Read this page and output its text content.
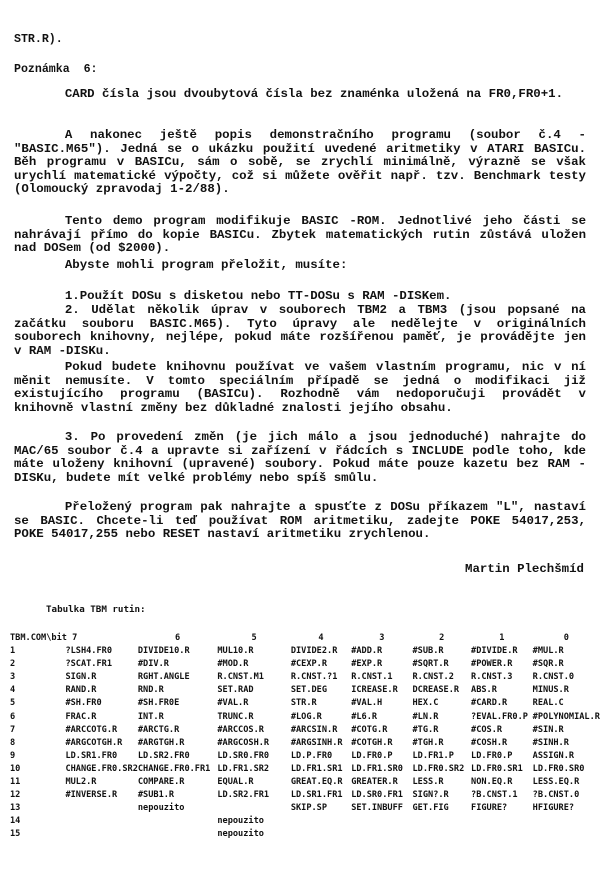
STR.R).
Poznámka  6:

CARD čísla jsou dvoubytová čísla bez znaménka uložená na FR0,FR0+1.

A nakonec ještě popis demonstračního programu (soubor č.4 -"BASIC.M65"). Jedná se o ukázku použití uvedené aritmetiky v ATARI BASICu. Běh programu v BASICu, sám o sobě, se zrychlí minimálně, výrazně se však urychlí matematické výpočty, což si můžete ověřit např. tzv. Benchmark testy (Olomoucký zpravodaj 1-2/88).

Tento demo program modifikuje BASIC -ROM. Jednotlivé jeho části se nahrávají přímo do kopie BASICu. Zbytek matematických rutin zůstává uložen nad DOSem (od $2000).

Abyste mohli program přeložit, musíte:

1.Použít DOSu s disketou nebo TT-DOSu s RAM -DISKem.

2. Udělat několik úprav v souborech TBM2 a TBM3 (jsou popsané na začátku souboru BASIC.M65). Tyto úpravy ale nedělejte v originálních souborech knihovny, nejlépe, pokud máte rozšířenou paměť, je provádějte jen v RAM -DISKu.

Pokud budete knihovnu používat ve vašem vlastním programu, nic v ní měnit nemusíte. V tomto speciálním případě se jedná o modifikaci již existujícího programu (BASICu). Rozhodně vám nedoporučuji provádět v knihovně vlastní změny bez důkladné znalosti jejího obsahu.

3. Po provedení změn (je jich málo a jsou jednoduché) nahrajte do MAC/65 soubor č.4 a upravte si zařízení v řádcích s INCLUDE podle toho, kde máte uloženy knihovní (upravené) soubory. Pokud máte pouze kazetu bez RAM -DISKu, budete mít velké problémy nebo spíš smůlu.

Přeložený program pak nahrajte a spusťte z DOSu příkazem "L", nastaví se BASIC. Chcete-li teď používat ROM aritmetiku, zadejte POKE 54017,253, POKE 54017,255 nebo RESET nastaví aritmetiku zrychlenou.

Martin Plechšmíd
Tabulka TBM rutin:
TBM.COM\bit 7		6	5	4	3	2	1	0
1	?LSH4.FR0	DIVIDE10.R	MUL10.R	DIVIDE2.R	#ADD.R	#SUB.R	#DIVIDE.R	#MUL.R
2	?SCAT.FR1	#DIV.R	#MOD.R	#CEXP.R	#EXP.R	#SQRT.R	#POWER.R	#SQR.R
3	SIGN.R	RGHT.ANGLE	R.CNST.M1	R.CNST.?1	R.CNST.1	R.CNST.2	R.CNST.3	R.CNST.0
4	RAND.R	RND.R	SET.RAD	SET.DEG	ICREASE.R	DCREASE.R	ABS.R	MINUS.R
5	#SH.FR0	#SH.FR0E	#VAL.R	STR.R	#VAL.H	HEX.C	#CARD.R	REAL.C
6	FRAC.R	INT.R	TRUNC.R	#LOG.R	#L6.R	#LN.R	?EVAL.FR0.P	#POLYNOMIAL.R
7	#ARCCOTG.R	#ARCTG.R	#ARCCOS.R	#ARCSIN.R	#COTG.R	#TG.R	#COS.R	#SIN.R
8	#ARGCOTGH.R	#ARGTGH.R	#ARGCOSH.R	#ARGSINH.R	#COTGH.R	#TGH.R	#COSH.R	#SINH.R
9	LD.SR1.FR0	LD.SR2.FR0	LD.SR0.FR0	LD.P.FR0	LD.FR0.P	LD.FR1.P	LD.FR0.P	ASSIGN.R
10	CHANGE.FR0.SR2	CHANGE.FR0.FR1	LD.FR1.SR2	LD.FR1.SR1	LD.FR1.SR0	LD.FR0.SR2	LD.FR0.SR1	LD.FR0.SR0
11	MUL2.R	COMPARE.R	EQUAL.R	GREAT.EQ.R	GREATER.R	LESS.R	NON.EQ.R	LESS.EQ.R
12	#INVERSE.R	#SUB1.R	LD.SR2.FR1	LD.SR1.FR1	LD.SR0.FR1	SIGN?.R	?B.CNST.1	?B.CNST.0
13		nepouzito		SKIP.SP	SET.INBUFF	GET.FIG	FIGURE?	HFIGURE?
14			nepouzito					
15			nepouzito					
